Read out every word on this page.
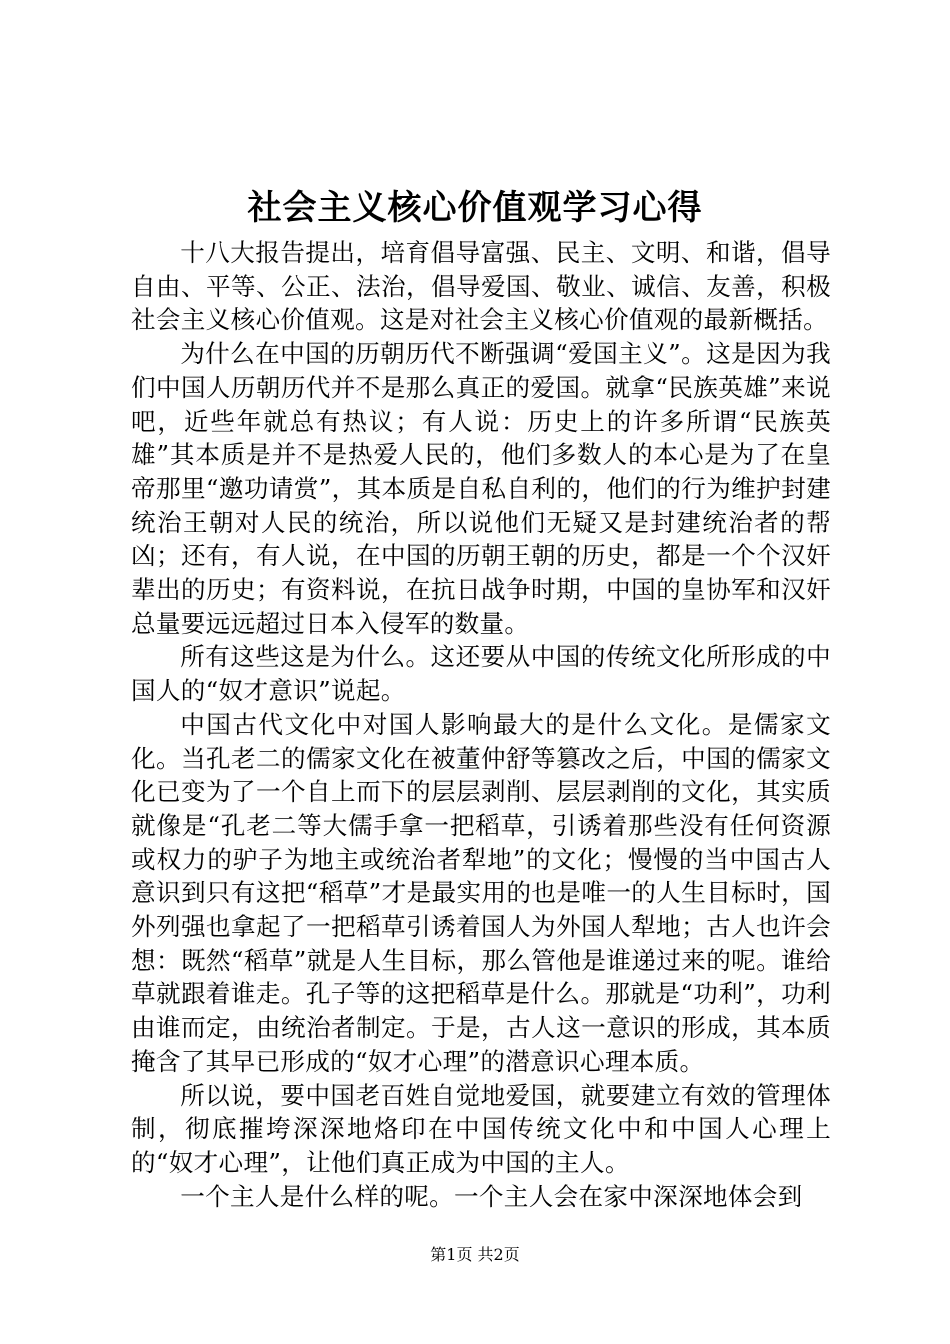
社会主义核心价值观学习心得

十八大报告提出，培育倡导富强、民主、文明、和谐，倡导自由、平等、公正、法治，倡导爱国、敬业、诚信、友善，积极社会主义核心价值观。这是对社会主义核心价值观的最新概括。

为什么在中国的历朝历代不断强调“爱国主义”。这是因为我们中国人历朝历代并不是那么真正的爱国。就拿“民族英雄”来说吧，近些年就总有热议；有人说：历史上的许多所谓“民族英雄”其本质是并不是热爱人民的，他们多数人的本心是为了在皇帝那里“邀功请赏”，其本质是自私自利的，他们的行为维护封建统治王朝对人民的统治，所以说他们无疑又是封建统治者的帮凶；还有，有人说，在中国的历朝王朝的历史，都是一个个汉奸辈出的历史；有资料说，在抗日战争时期，中国的皇协军和汉奸总量要远远超过日本入侵军的数量。

所有这些这是为什么。这还要从中国的传统文化所形成的中国人的“奴才意识”说起。

中国古代文化中对国人影响最大的是什么文化。是儒家文化。当孔老二的儒家文化在被董仲舒等篡改之后，中国的儒家文化已变为了一个自上而下的层层剥削、层层剥削的文化，其实质就像是“孔老二等大儒手拿一把稻草，引诱着那些没有任何资源或权力的驴子为地主或统治者犁地”的文化；慢慢的当中国古人意识到只有这把“稻草”才是最实用的也是唯一的人生目标时，国外列强也拿起了一把稻草引诱着国人为外国人犁地；古人也许会想：既然“稻草”就是人生目标，那么管他是谁递过来的呢。谁给草就跟着谁走。孔子等的这把稻草是什么。那就是“功利”，功利由谁而定，由统治者制定。于是，古人这一意识的形成，其本质掩含了其早已形成的“奴才心理”的潜意识心理本质。

所以说，要中国老百姓自觉地爱国，就要建立有效的管理体制，彻底摧垮深深地烙印在中国传统文化中和中国人心理上的“奴才心理”，让他们真正成为中国的主人。

一个主人是什么样的呢。一个主人会在家中深深地体会到

第1页 共2页
